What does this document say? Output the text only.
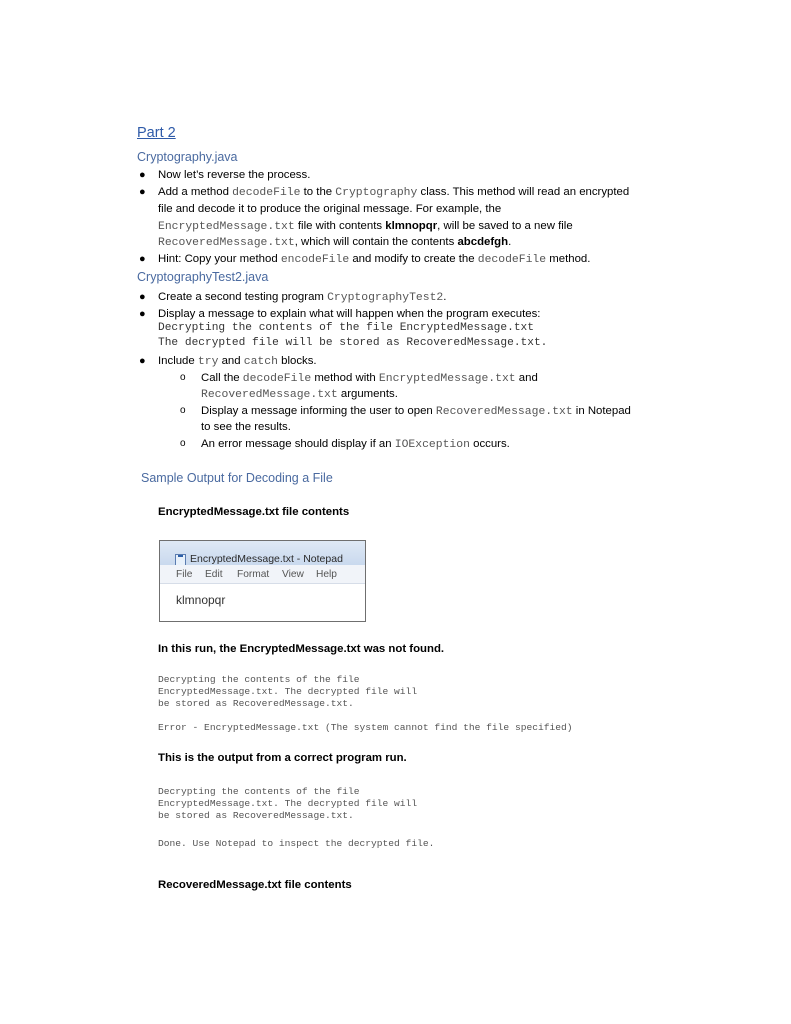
Part 2
Cryptography.java
● Now let’s reverse the process.
● Add a method decodeFile to the Cryptography class. This method will read an encrypted
file and decode it to produce the original message. For example, the
EncryptedMessage.txt file with contents klmnopqr, will be saved to a new file
RecoveredMessage.txt, which will contain the contents abcdefgh.
● Hint: Copy your method encodeFile and modify to create the decodeFile method.
CryptographyTest2.java
● Create a second testing program CryptographyTest2.
● Display a message to explain what will happen when the program executes:
Decrypting the contents of the file EncryptedMessage.txt
The decrypted file will be stored as RecoveredMessage.txt.
● Include try and catch blocks.
o Call the decodeFile method with EncryptedMessage.txt and
RecoveredMessage.txt arguments.
o Display a message informing the user to open RecoveredMessage.txt in Notepad
to see the results.
o An error message should display if an IOException occurs.
Sample Output for Decoding a File
EncryptedMessage.txt file contents
EncryptedMessage.txt - Notepad
File Edit Format View Help
klmnopqr
In this run, the EncryptedMessage.txt was not found.
Decrypting the contents of the file
EncryptedMessage.txt. The decrypted file will
be stored as RecoveredMessage.txt.
Error - EncryptedMessage.txt (The system cannot find the file specified)
This is the output from a correct program run.
Decrypting the contents of the file
EncryptedMessage.txt. The decrypted file will
be stored as RecoveredMessage.txt.
Done. Use Notepad to inspect the decrypted file.
RecoveredMessage.txt file contents
